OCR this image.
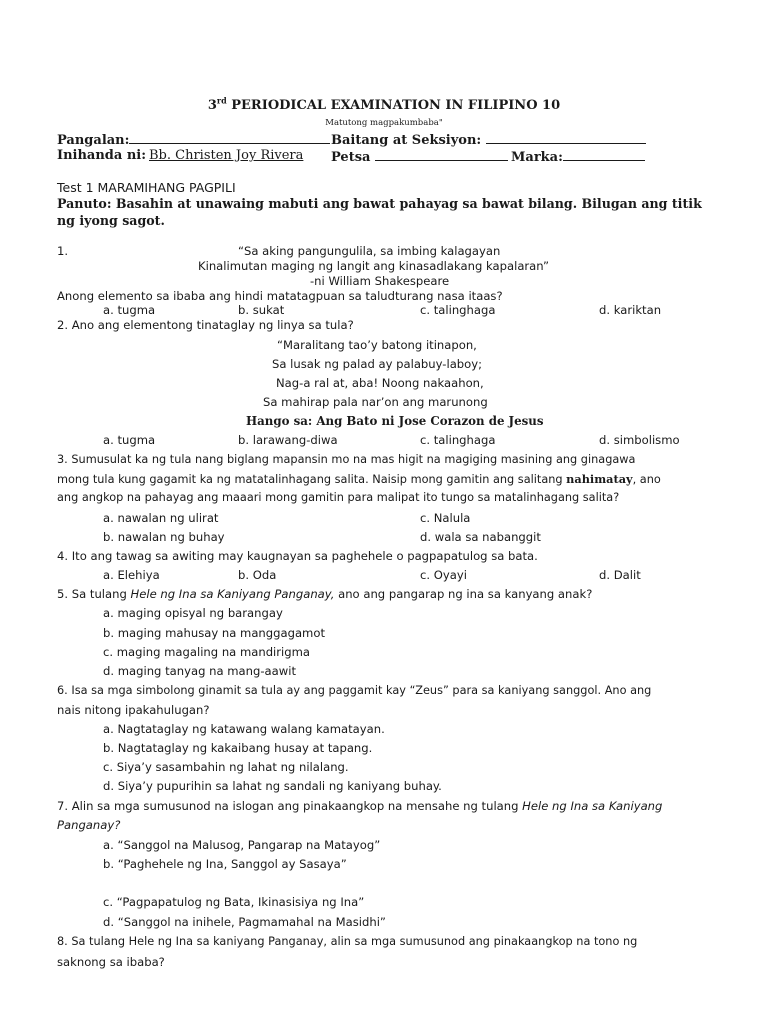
3rd PERIODICAL EXAMINATION IN FILIPINO 10
Matutong magpakumbaba"
Pangalan:	Baitang at Seksiyon:
Inihanda ni: Bb. Christen Joy Rivera Petsa	Marka:
Test 1 MARAMIHANG PAGPILI
Panuto: Basahin at unawaing mabuti ang bawat pahayag sa bawat bilang. Bilugan ang titik
ng iyong sagot.
1.	“Sa aking pangungulila, sa imbing kalagayan
Kinalimutan maging ng langit ang kinasadlakang kapalaran”
-ni William Shakespeare
Anong elemento sa ibaba ang hindi matatagpuan sa taludturang nasa itaas?
a. tugma	b. sukat	c. talinghaga	d. kariktan
2. Ano ang elementong tinataglay ng linya sa tula?
“Maralitang tao’y batong itinapon,
Sa lusak ng palad ay palabuy-laboy;
Nag-a ral at, aba! Noong nakaahon,
Sa mahirap pala nar’on ang marunong
Hango sa: Ang Bato ni Jose Corazon de Jesus
a. tugma	b. larawang-diwa	c. talinghaga	d. simbolismo
3. Sumusulat ka ng tula nang biglang mapansin mo na mas higit na magiging masining ang ginagawa
mong tula kung gagamit ka ng matatalinhagang salita. Naisip mong gamitin ang salitang nahimatay, ano
ang angkop na pahayag ang maaari mong gamitin para malipat ito tungo sa matalinhagang salita?
a. nawalan ng ulirat	c. Nalula
b. nawalan ng buhay	d. wala sa nabanggit
4. Ito ang tawag sa awiting may kaugnayan sa paghehele o pagpapatulog sa bata.
a. Elehiya	b. Oda	c. Oyayi	d. Dalit
5. Sa tulang Hele ng Ina sa Kaniyang Panganay, ano ang pangarap ng ina sa kanyang anak?
a. maging opisyal ng barangay
b. maging mahusay na manggagamot
c. maging magaling na mandirigma
d. maging tanyag na mang-aawit
6. Isa sa mga simbolong ginamit sa tula ay ang paggamit kay “Zeus” para sa kaniyang sanggol. Ano ang
nais nitong ipakahulugan?
a. Nagtataglay ng katawang walang kamatayan.
b. Nagtataglay ng kakaibang husay at tapang.
c. Siya’y sasambahin ng lahat ng nilalang.
d. Siya’y pupurihin sa lahat ng sandali ng kaniyang buhay.
7. Alin sa mga sumusunod na islogan ang pinakaangkop na mensahe ng tulang Hele ng Ina sa Kaniyang
Panganay?
a. “Sanggol na Malusog, Pangarap na Matayog”
b. “Paghehele ng Ina, Sanggol ay Sasaya”
c. “Pagpapatulog ng Bata, Ikinasisiya ng Ina”
d. “Sanggol na inihele, Pagmamahal na Masidhi”
8. Sa tulang Hele ng Ina sa kaniyang Panganay, alin sa mga sumusunod ang pinakaangkop na tono ng
saknong sa ibaba?
